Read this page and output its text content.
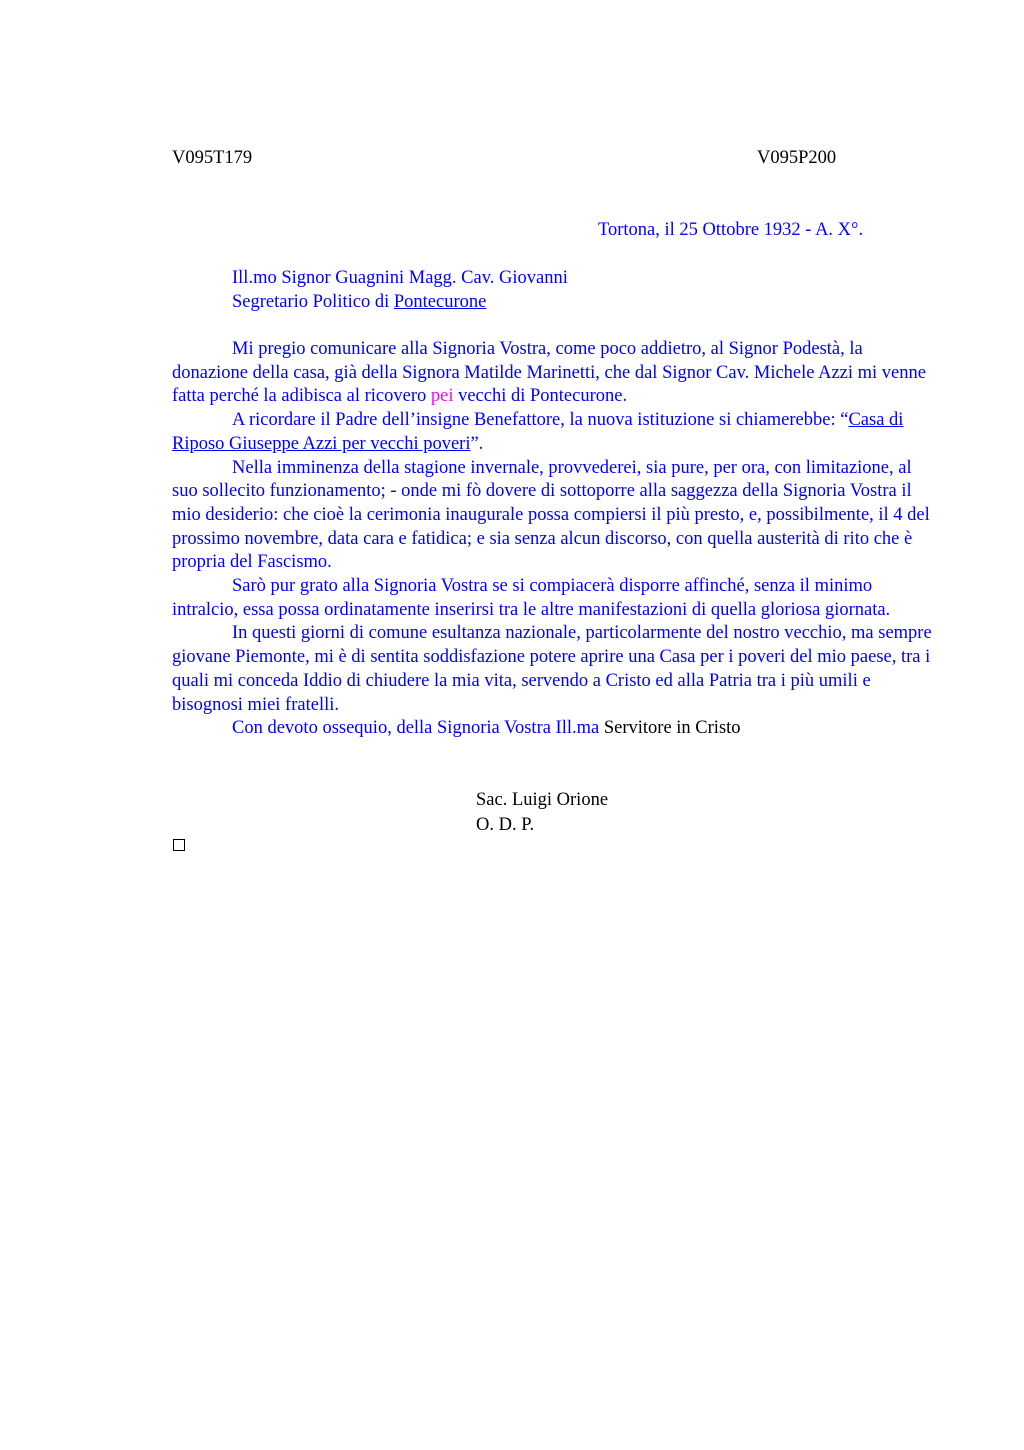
V095T179	V095P200
Tortona, il 25 Ottobre 1932 - A. X°.
Ill.mo Signor Guagnini Magg. Cav. Giovanni
Segretario Politico di Pontecurone

Mi pregio comunicare alla Signoria Vostra, come poco addietro, al Signor Podestà, la donazione della casa, già della Signora Matilde Marinetti, che dal Signor Cav. Michele Azzi mi venne fatta perché la adibisca al ricovero pei vecchi di Pontecurone.

A ricordare il Padre dell’insigne Benefattore, la nuova istituzione si chiamerebbe: “Casa di Riposo Giuseppe Azzi per vecchi poveri”.

Nella imminenza della stagione invernale, provvederei, sia pure, per ora, con limitazione, al suo sollecito funzionamento; - onde mi fò dovere di sottoporre alla saggezza della Signoria Vostra il mio desiderio: che cioè la cerimonia inaugurale possa compiersi il più presto, e, possibilmente, il 4 del prossimo novembre, data cara e fatidica; e sia senza alcun discorso, con quella austerità di rito che è propria del Fascismo.

Sarò pur grato alla Signoria Vostra se si compiacerà disporre affinché, senza il minimo intralcio, essa possa ordinatamente inserirsi tra le altre manifestazioni di quella gloriosa giornata.

In questi giorni di comune esultanza nazionale, particolarmente del nostro vecchio, ma sempre giovane Piemonte, mi è di sentita soddisfazione potere aprire una Casa per i poveri del mio paese, tra i quali mi conceda Iddio di chiudere la mia vita, servendo a Cristo ed alla Patria tra i più umili e bisognosi miei fratelli.

Con devoto ossequio, della Signoria Vostra Ill.ma Servitore in Cristo

Sac. Luigi Orione
O. D. P.
